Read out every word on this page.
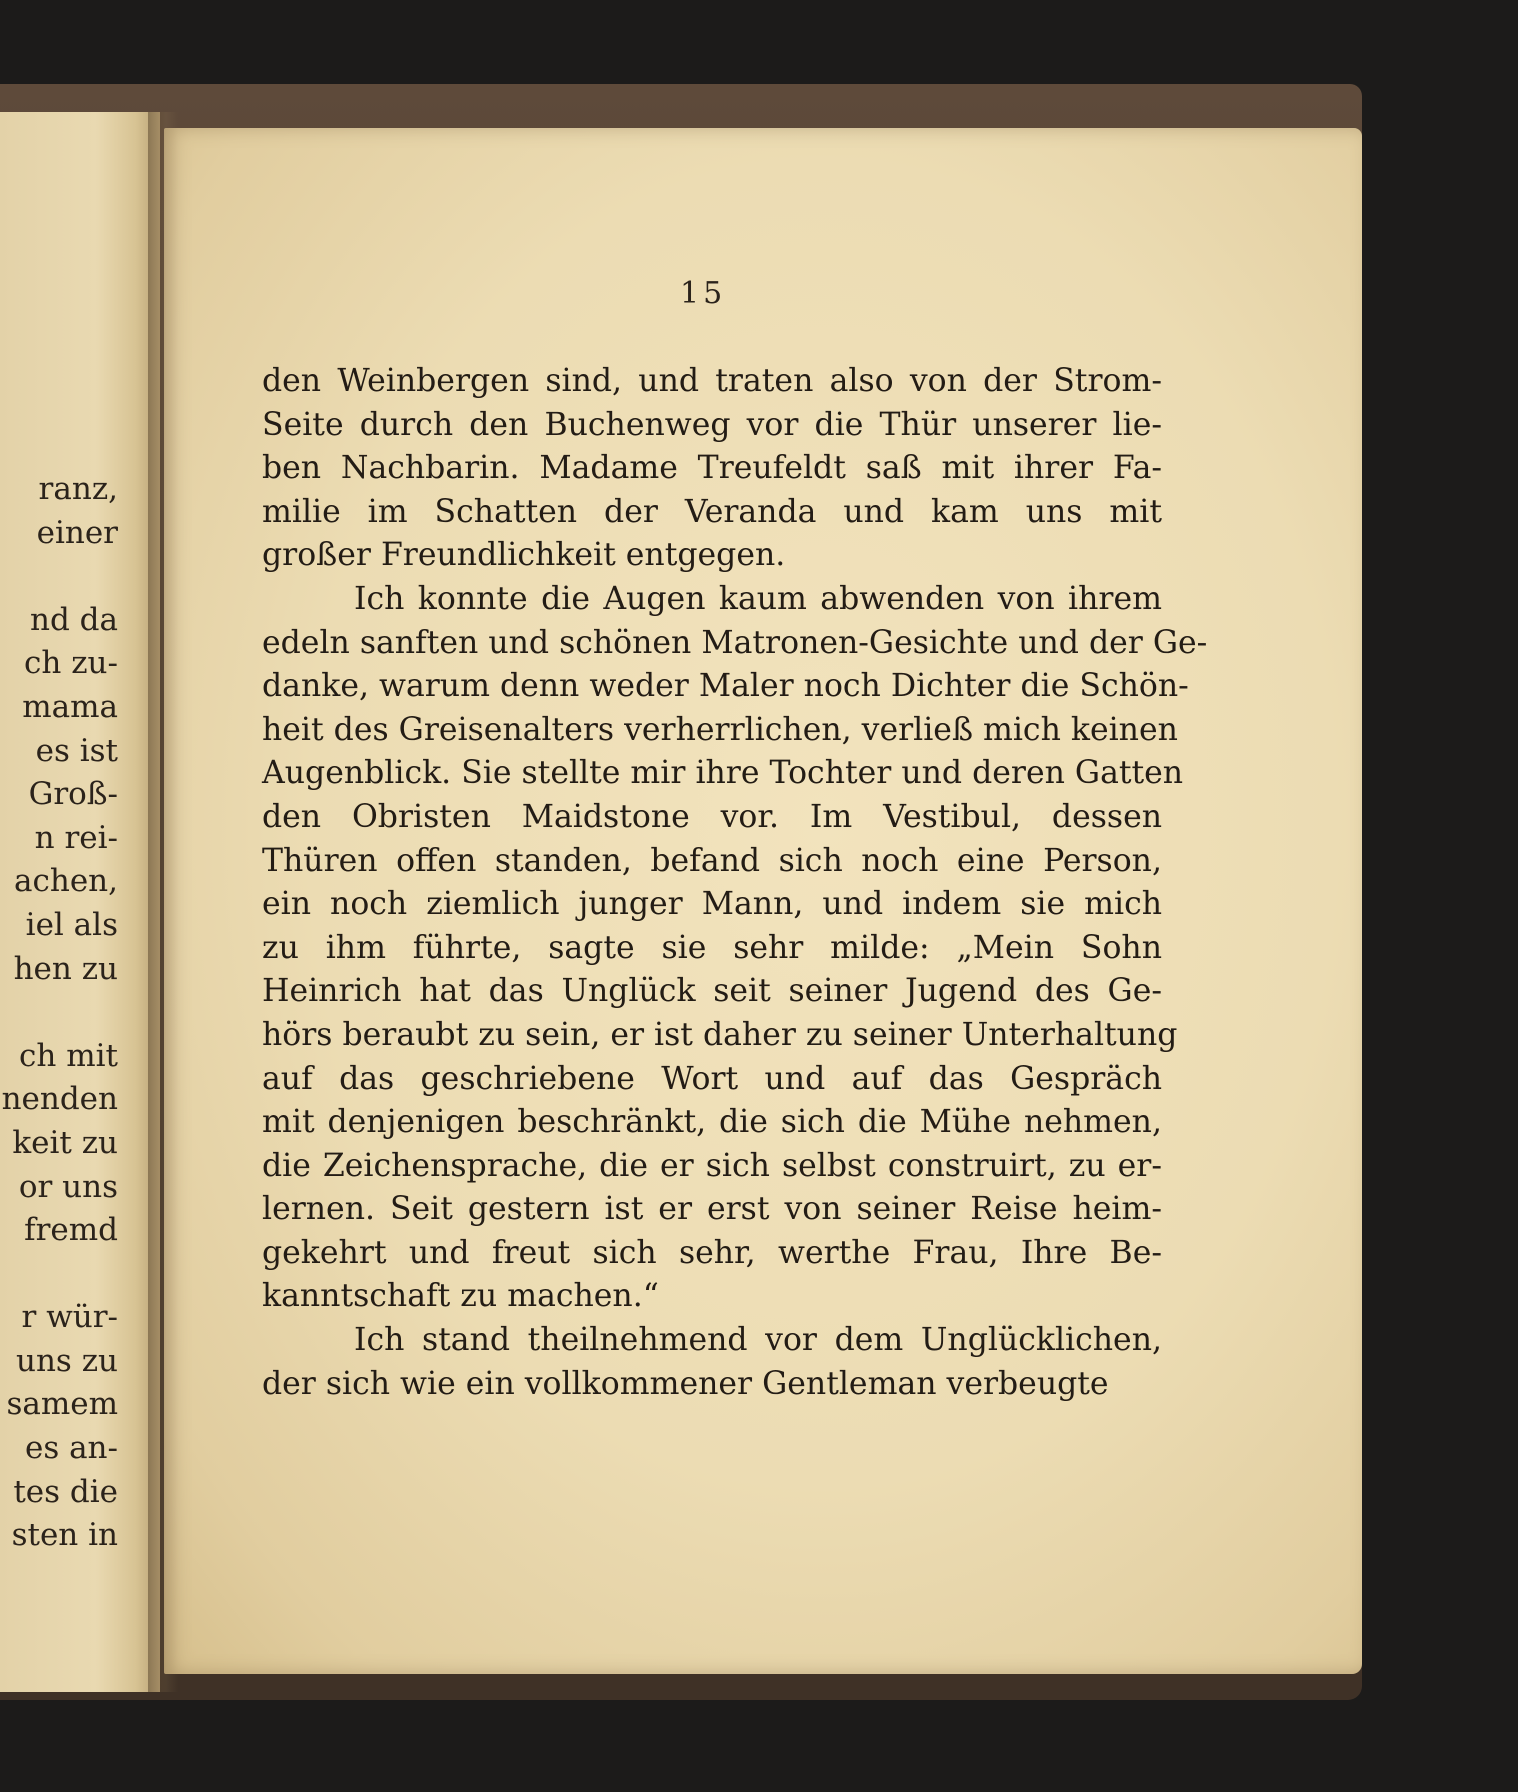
ranz,
einer
nd da
ch zu-
mama
es ist
Groß-
n rei-
achen,
iel als
hen zu
ch mit
nenden
keit zu
or uns
fremd
r wür-
uns zu
samem
es an-
tes die
sten in
15
den Weinbergen sind, und traten also von der Strom-
Seite durch den Buchenweg vor die Thür unserer lie-
ben Nachbarin. Madame Treufeldt saß mit ihrer Fa-
milie im Schatten der Veranda und kam uns mit
großer Freundlichkeit entgegen.
Ich konnte die Augen kaum abwenden von ihrem
edeln sanften und schönen Matronen-Gesichte und der Ge-
danke, warum denn weder Maler noch Dichter die Schön-
heit des Greisenalters verherrlichen, verließ mich keinen
Augenblick. Sie stellte mir ihre Tochter und deren Gatten
den Obristen Maidstone vor. Im Vestibul, dessen
Thüren offen standen, befand sich noch eine Person,
ein noch ziemlich junger Mann, und indem sie mich
zu ihm führte, sagte sie sehr milde: „Mein Sohn
Heinrich hat das Unglück seit seiner Jugend des Ge-
hörs beraubt zu sein, er ist daher zu seiner Unterhaltung
auf das geschriebene Wort und auf das Gespräch
mit denjenigen beschränkt, die sich die Mühe nehmen,
die Zeichensprache, die er sich selbst construirt, zu er-
lernen. Seit gestern ist er erst von seiner Reise heim-
gekehrt und freut sich sehr, werthe Frau, Ihre Be-
kanntschaft zu machen.“
Ich stand theilnehmend vor dem Unglücklichen,
der sich wie ein vollkommener Gentleman verbeugte
